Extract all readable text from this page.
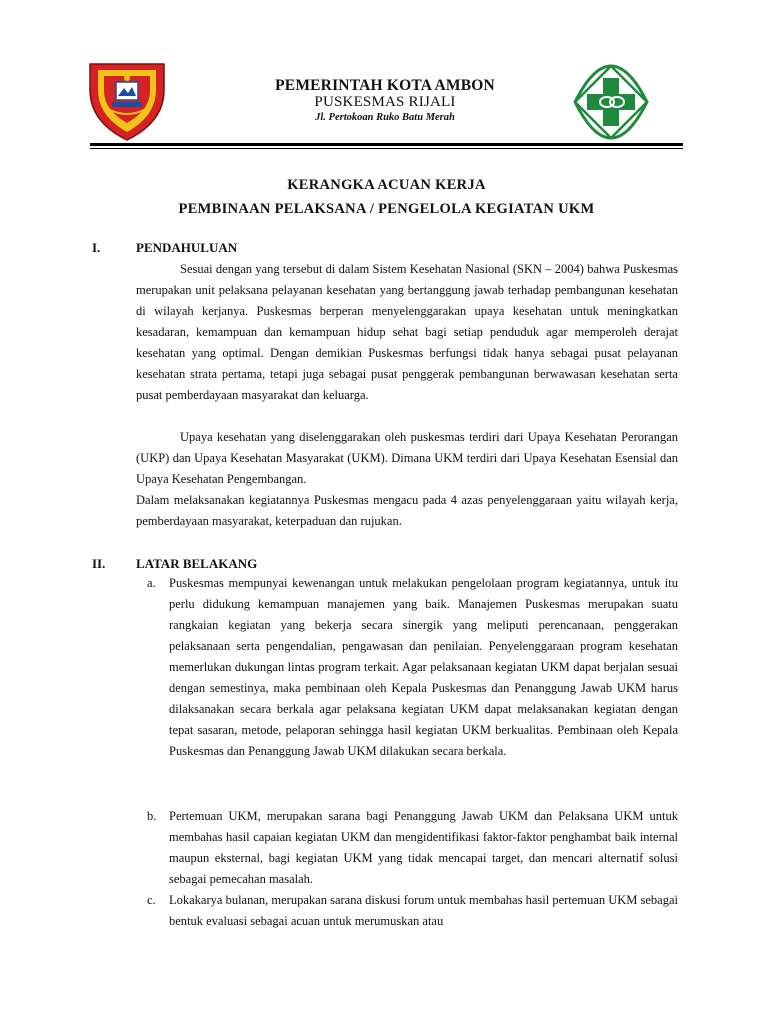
PEMERINTAH KOTA AMBON
PUSKESMAS RIJALI
Jl. Pertokoan Ruko Batu Merah
KERANGKA ACUAN KERJA
PEMBINAAN PELAKSANA / PENGELOLA KEGIATAN UKM
I.	PENDAHULUAN

Sesuai dengan yang tersebut di dalam Sistem Kesehatan Nasional (SKN – 2004) bahwa Puskesmas merupakan unit pelaksana pelayanan kesehatan yang bertanggung jawab terhadap pembangunan kesehatan di wilayah kerjanya. Puskesmas berperan menyelenggarakan upaya kesehatan untuk meningkatkan kesadaran, kemampuan dan kemampuan hidup sehat bagi setiap penduduk agar memperoleh derajat kesehatan yang optimal. Dengan demikian Puskesmas berfungsi tidak hanya sebagai pusat pelayanan kesehatan strata pertama, tetapi juga sebagai pusat penggerak pembangunan berwawasan kesehatan serta pusat pemberdayaan masyarakat dan keluarga.

Upaya kesehatan yang diselenggarakan oleh puskesmas terdiri dari Upaya Kesehatan Perorangan (UKP) dan Upaya Kesehatan Masyarakat (UKM). Dimana UKM terdiri dari Upaya Kesehatan Esensial dan Upaya Kesehatan Pengembangan.

Dalam melaksanakan kegiatannya Puskesmas mengacu pada 4 azas penyelenggaraan yaitu wilayah kerja, pemberdayaan masyarakat, keterpaduan dan rujukan.

II. LATAR BELAKANG
a. Puskesmas mempunyai kewenangan untuk melakukan pengelolaan program kegiatannya, untuk itu perlu didukung kemampuan manajemen yang baik. Manajemen Puskesmas merupakan suatu rangkaian kegiatan yang bekerja secara sinergik yang meliputi perencanaan, penggerakan pelaksanaan serta pengendalian, pengawasan dan penilaian. Penyelenggaraan program kesehatan memerlukan dukungan lintas program terkait. Agar pelaksanaan kegiatan UKM dapat berjalan sesuai dengan semestinya, maka pembinaan oleh Kepala Puskesmas dan Penanggung Jawab UKM harus dilaksanakan secara berkala agar pelaksana kegiatan UKM dapat melaksanakan kegiatan dengan tepat sasaran, metode, pelaporan sehingga hasil kegiatan UKM berkualitas. Pembinaan oleh Kepala Puskesmas dan Penanggung Jawab UKM dilakukan secara berkala.

b. Pertemuan UKM, merupakan sarana bagi Penanggung Jawab UKM dan Pelaksana UKM untuk membahas hasil capaian kegiatan UKM dan mengidentifikasi faktor-faktor penghambat baik internal maupun eksternal, bagi kegiatan UKM yang tidak mencapai target, dan mencari alternatif solusi sebagai pemecahan masalah.

c. Lokakarya bulanan, merupakan sarana diskusi forum untuk membahas hasil pertemuan UKM sebagai bentuk evaluasi sebagai acuan untuk merumuskan atau
